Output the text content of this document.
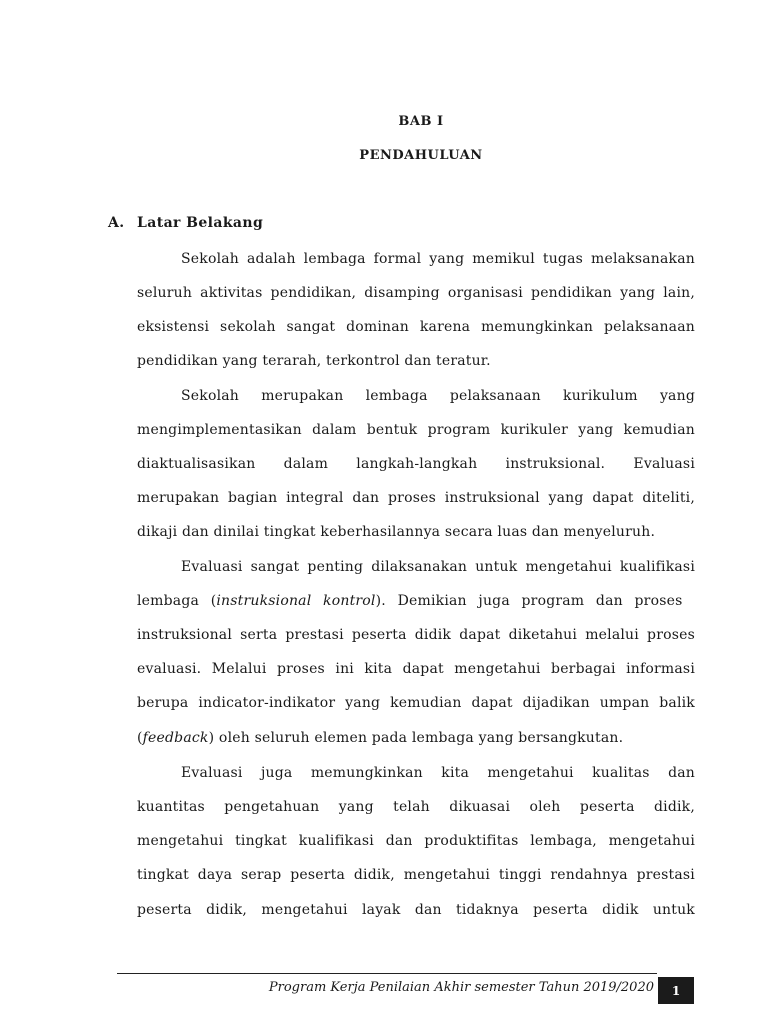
BAB I
PENDAHULUAN
A. Latar Belakang
Sekolah adalah lembaga formal yang memikul tugas melaksanakan
seluruh aktivitas pendidikan, disamping organisasi pendidikan yang lain,
eksistensi sekolah sangat dominan karena memungkinkan pelaksanaan
pendidikan yang terarah, terkontrol dan teratur.
Sekolah merupakan lembaga pelaksanaan kurikulum yang
mengimplementasikan dalam bentuk program kurikuler yang kemudian
diaktualisasikan dalam langkah-langkah instruksional. Evaluasi
merupakan bagian integral dan proses instruksional yang dapat diteliti,
dikaji dan dinilai tingkat keberhasilannya secara luas dan menyeluruh.
Evaluasi sangat penting dilaksanakan untuk mengetahui kualifikasi
lembaga (instruksional kontrol). Demikian juga program dan proses
instruksional serta prestasi peserta didik dapat diketahui melalui proses
evaluasi. Melalui proses ini kita dapat mengetahui berbagai informasi
berupa indicator-indikator yang kemudian dapat dijadikan umpan balik
(feedback) oleh seluruh elemen pada lembaga yang bersangkutan.
Evaluasi juga memungkinkan kita mengetahui kualitas dan
kuantitas pengetahuan yang telah dikuasai oleh peserta didik,
mengetahui tingkat kualifikasi dan produktifitas lembaga, mengetahui
tingkat daya serap peserta didik, mengetahui tinggi rendahnya prestasi
peserta didik, mengetahui layak dan tidaknya peserta didik untuk
Program Kerja Penilaian Akhir semester Tahun 2019/2020	1
